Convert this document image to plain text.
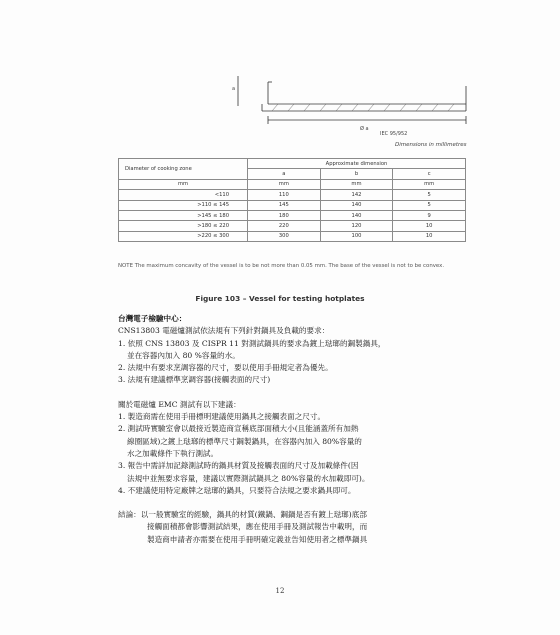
a
Ø a
IEC 95/952
Dimensions in millimetres
Diameter of cooking zone	Approximate dimension		
	a	b	c
mm	mm	mm	mm
<110	110	142	5
>110 ≤ 145	145	140	5
>145 ≤ 180	180	140	9
>180 ≤ 220	220	120	10
>220 ≤ 300	300	100	10
NOTE The maximum concavity of the vessel is to be not more than 0.05 mm. The base of the vessel is not to be convex.
Figure 103 – Vessel for testing hotplates

台灣電子檢驗中心：

CNS13803 電磁爐測試依法規有下列針對鍋具及負載的要求：

1. 依照 CNS 13803 及 CISPR 11 對測試鍋具的要求為鍍上琺瑯的鋼製鍋具，

並在容器內加入 80 %容量的水。

2. 法規中有要求烹調容器的尺寸，要以使用手冊規定者為優先。

3. 法規有建議標準烹調容器(接觸表面的尺寸)

關於電磁爐 EMC 測試有以下建議：

1. 製造商需在使用手冊標明建議使用鍋具之接觸表面之尺寸。

2. 測試時實驗室會以最接近製造商宣稱底部面積大小(且能涵蓋所有加熱

線圈區域)之鍍上琺瑯的標準尺寸鋼製鍋具，在容器內加入 80%容量的

水之加載條件下執行測試。

3. 報告中需詳加記錄測試時的鍋具材質及接觸表面的尺寸及加載條件(因

法規中並無要求容量，建議以實際測試鍋具之 80%容量的水加載即可)。

4. 不建議使用特定廠牌之琺瑯的鍋具，只要符合法規之要求鍋具即可。

結論：以一般實驗室的經驗，鍋具的材質(鐵鍋、鋼鍋是否有鍍上琺瑯)底部

接觸面積都會影響測試結果，應在使用手冊及測試報告中載明，而

製造商申請者亦需要在使用手冊明確定義並告知使用者之標準鍋具

12
